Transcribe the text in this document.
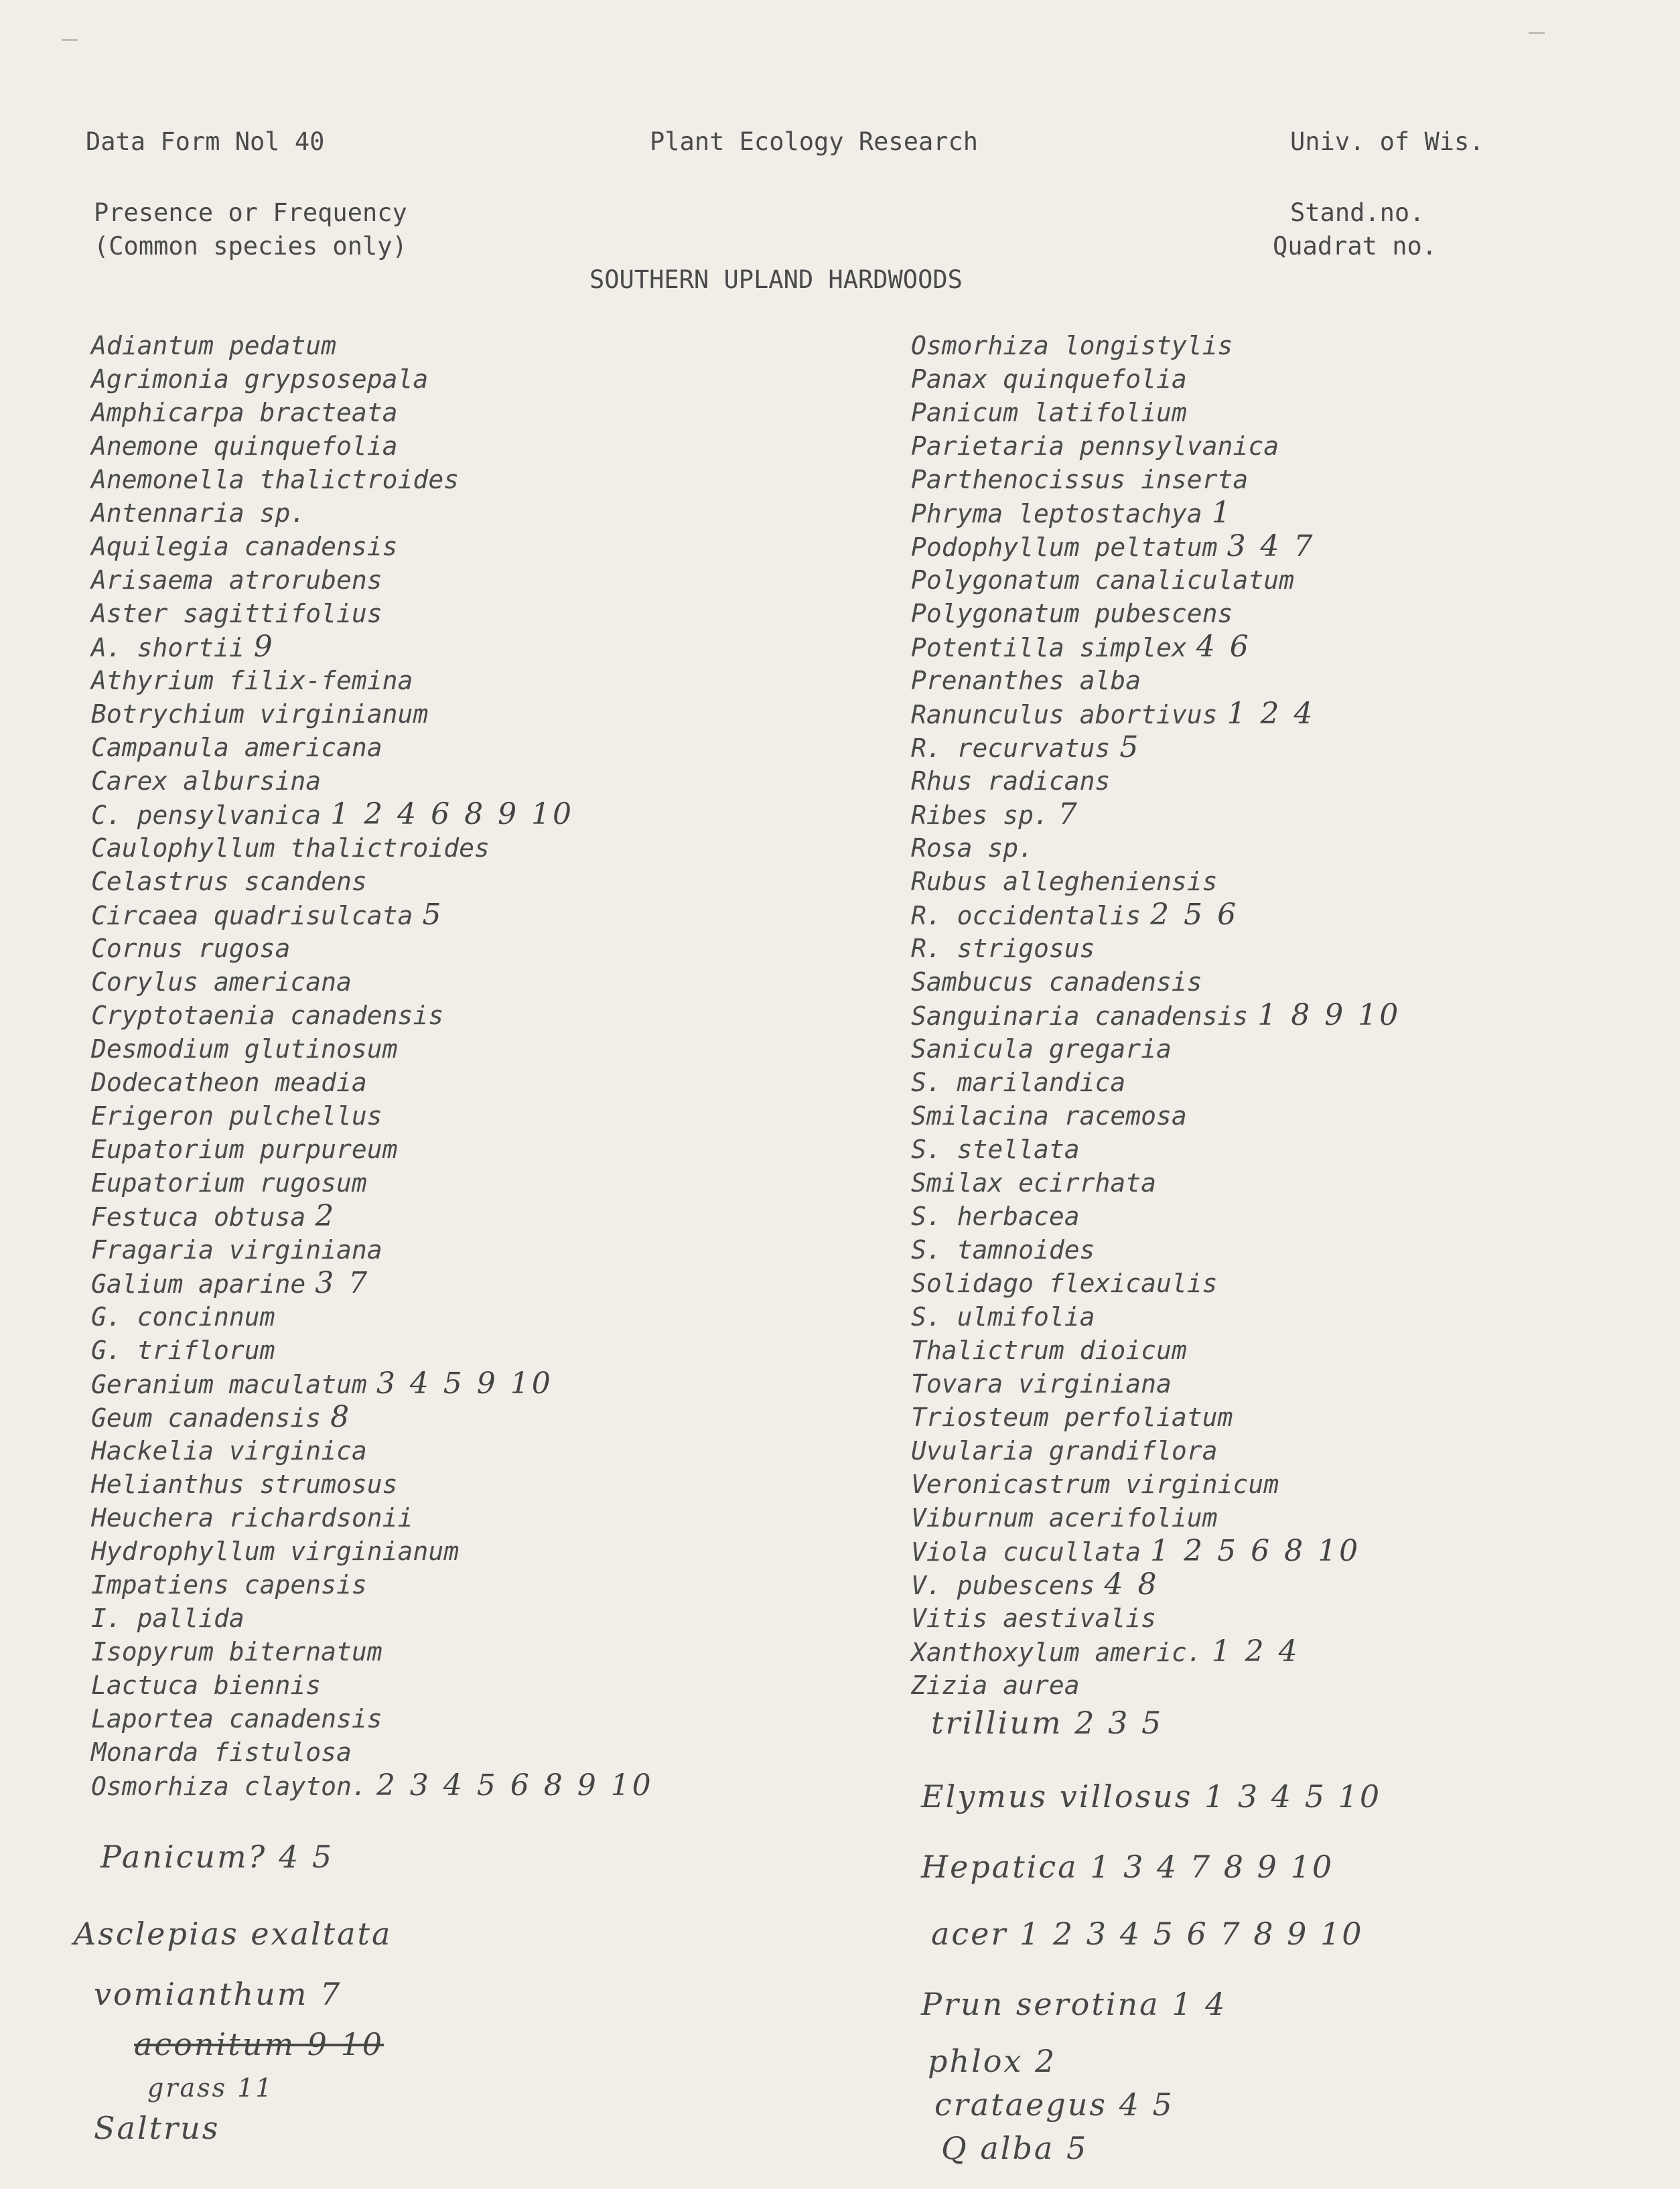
Data Form Nol 40	Plant Ecology Research	Univ. of Wis.
Presence or Frequency
(Common species only)
Stand.no.
Quadrat no.
SOUTHERN UPLAND HARDWOODS
Adiantum pedatum
Agrimonia grypsosepala
Amphicarpa bracteata
Anemone quinquefolia
Anemonella thalictroides
Antennaria sp.
Aquilegia canadensis
Arisaema atrorubens
Aster sagittifolius
A. shortii 9
Athyrium filix-femina
Botrychium virginianum
Campanula americana
Carex albursina
C. pensylvanica 1 2 4 6 8 9 10
Caulophyllum thalictroides
Celastrus scandens
Circaea quadrisulcata 5
Cornus rugosa
Corylus americana
Cryptotaenia canadensis
Desmodium glutinosum
Dodecatheon meadia
Erigeron pulchellus
Eupatorium purpureum
Eupatorium rugosum
Festuca obtusa 2
Fragaria virginiana
Galium aparine 3 7
G. concinnum
G. triflorum
Geranium maculatum 3 4 5 9 10
Geum canadensis 8
Hackelia virginica
Helianthus strumosus
Heuchera richardsonii
Hydrophyllum virginianum
Impatiens capensis
I. pallida
Isopyrum biternatum
Lactuca biennis
Laportea canadensis
Monarda fistulosa
Osmorhiza clayton. 2 3 4 5 6 8 9 10
Osmorhiza longistylis
Panax quinquefolia
Panicum latifolium
Parietaria pennsylvanica
Parthenocissus inserta
Phryma leptostachya 1
Podophyllum peltatum 3 4 7
Polygonatum canaliculatum
Polygonatum pubescens
Potentilla simplex 4 6
Prenanthes alba
Ranunculus abortivus 1 2 4
R. recurvatus 5
Rhus radicans
Ribes sp. 7
Rosa sp.
Rubus allegheniensis
R. occidentalis 2 5 6
R. strigosus
Sambucus canadensis
Sanguinaria canadensis 1 8 9 10
Sanicula gregaria
S. marilandica
Smilacina racemosa
S. stellata
Smilax ecirrhata
S. herbacea
S. tamnoides
Solidago flexicaulis
S. ulmifolia
Thalictrum dioicum
Tovara virginiana
Triosteum perfoliatum
Uvularia grandiflora
Veronicastrum virginicum
Viburnum acerifolium
Viola cucullata 1 2 5 6 8 10
V. pubescens 4 8
Vitis aestivalis
Xanthoxylum americ. 1 2 4
Zizia aurea
Panicum? 4 5
Asclepias exaltata
vomianthum 7
aconitum 9 10
grass 11
Saltrus
trillium 2 3 5
Elymus villosus 1 3 4 5 10
Hepatica 1 3 4 7 8 9 10
acer 1 2 3 4 5 6 7 8 9 10
Prun serotina 1 4
phlox 2
crataegus 4 5
Q alba 5
